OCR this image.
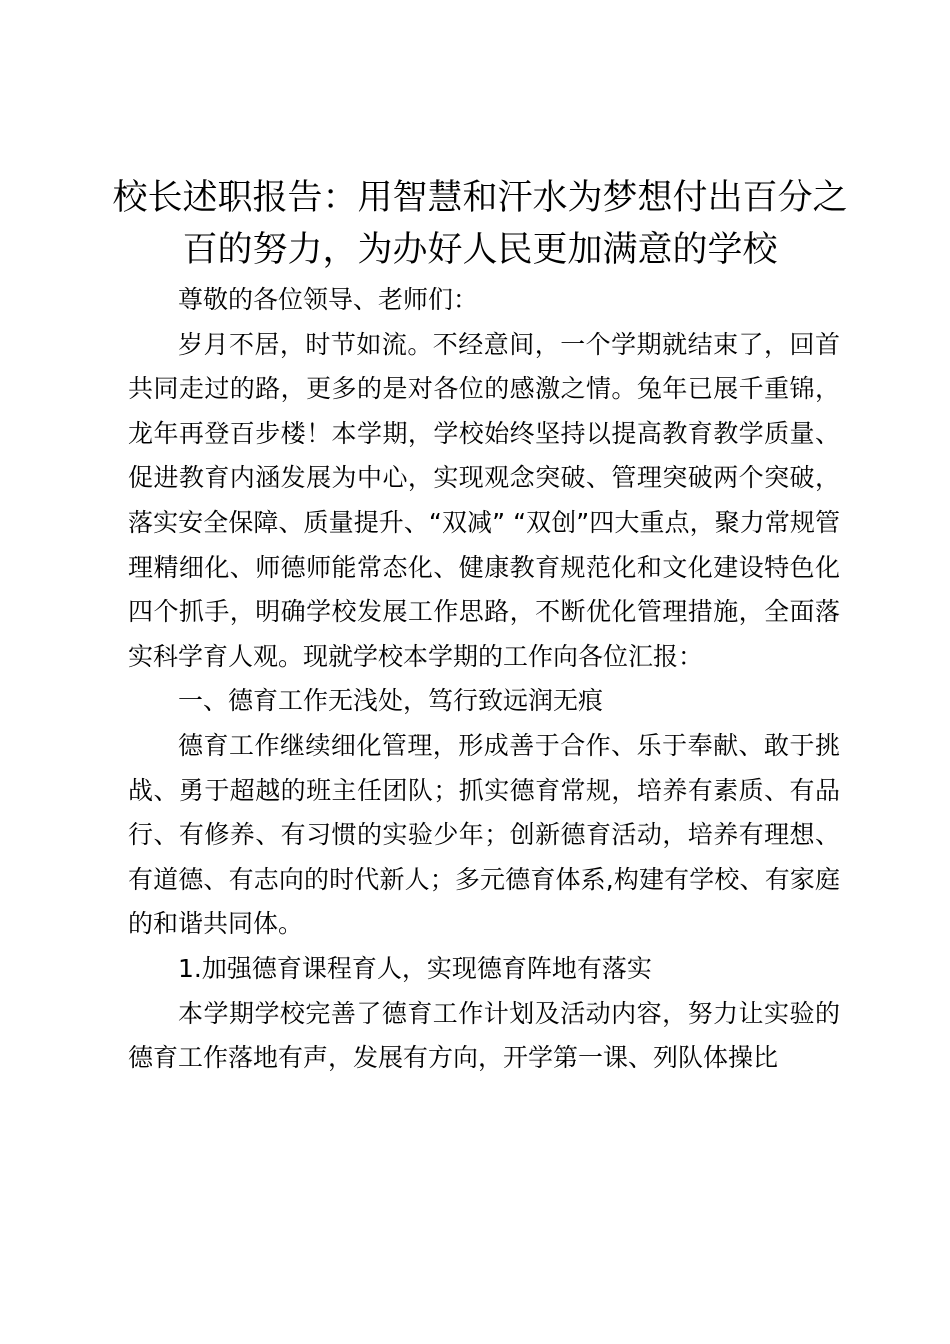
校长述职报告：用智慧和汗水为梦想付出百分之百的努力，为办好人民更加满意的学校

尊敬的各位领导、老师们：

岁月不居，时节如流。不经意间，一个学期就结束了，回首共同走过的路，更多的是对各位的感激之情。兔年已展千重锦，龙年再登百步楼！本学期，学校始终坚持以提高教育教学质量、促进教育内涵发展为中心，实现观念突破、管理突破两个突破，落实安全保障、质量提升、“双减” “双创”四大重点，聚力常规管理精细化、师德师能常态化、健康教育规范化和文化建设特色化四个抓手，明确学校发展工作思路，不断优化管理措施，全面落实科学育人观。现就学校本学期的工作向各位汇报：

一、德育工作无浅处，笃行致远润无痕

德育工作继续细化管理，形成善于合作、乐于奉献、敢于挑战、勇于超越的班主任团队；抓实德育常规，培养有素质、有品行、有修养、有习惯的实验少年；创新德育活动，培养有理想、有道德、有志向的时代新人；多元德育体系,构建有学校、有家庭的和谐共同体。

1.加强德育课程育人，实现德育阵地有落实

本学期学校完善了德育工作计划及活动内容，努力让实验的德育工作落地有声，发展有方向，开学第一课、列队体操比
